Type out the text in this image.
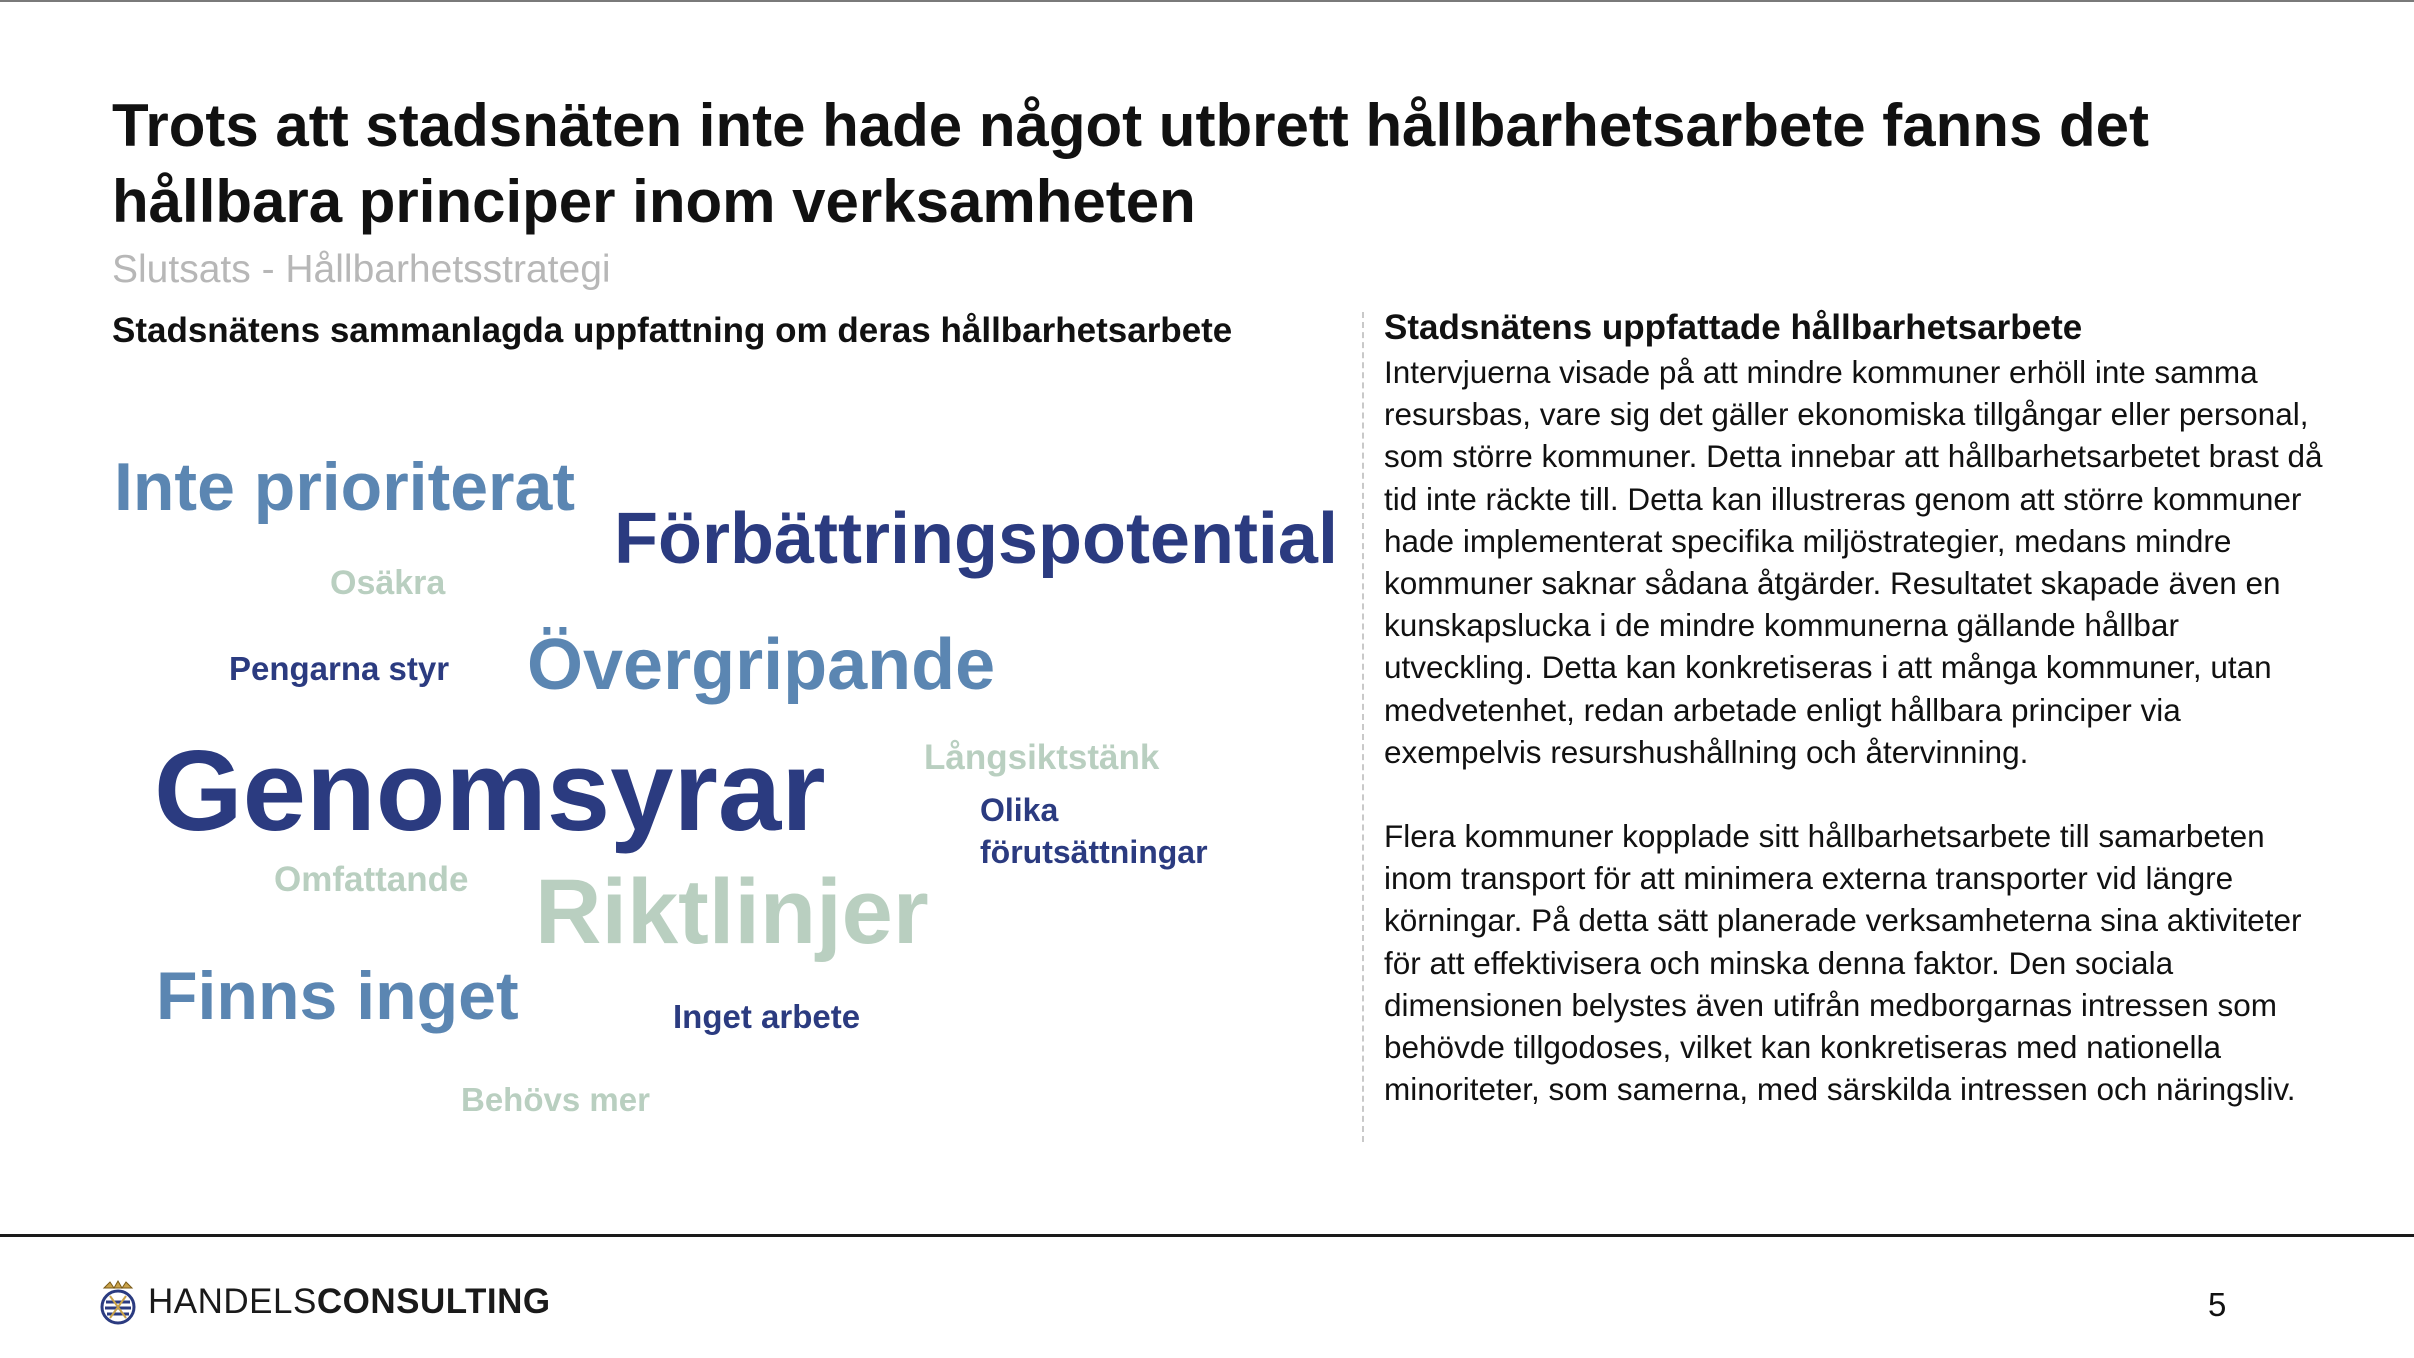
Trots att stadsnäten inte hade något utbrett hållbarhetsarbete fanns det hållbara principer inom verksamheten
Slutsats - Hållbarhetsstrategi
Stadsnätens sammanlagda uppfattning om deras hållbarhetsarbete
Inte prioriterat
Förbättringspotential
Osäkra
Pengarna styr Övergripande
Genomsyrar	Långsiktstänk
Olika förutsättningar
Omfattande Riktlinjer
Finns inget	Inget arbete
Behövs mer
Stadsnätens uppfattade hållbarhetsarbete

Intervjuerna visade på att mindre kommuner erhöll inte samma resursbas, vare sig det gäller ekonomiska tillgångar eller personal, som större kommuner. Detta innebar att hållbarhetsarbetet brast då tid inte räckte till. Detta kan illustreras genom att större kommuner hade implementerat specifika miljöstrategier, medans mindre kommuner saknar sådana åtgärder. Resultatet skapade även en kunskapslucka i de mindre kommunerna gällande hållbar utveckling. Detta kan konkretiseras i att många kommuner, utan medvetenhet, redan arbetade enligt hållbara principer via exempelvis resurshushållning och återvinning.

Flera kommuner kopplade sitt hållbarhetsarbete till samarbeten inom transport för att minimera externa transporter vid längre körningar. På detta sätt planerade verksamheterna sina aktiviteter för att effektivisera och minska denna faktor. Den sociala dimensionen belystes även utifrån medborgarnas intressen som behövde tillgodoses, vilket kan konkretiseras med nationella minoriteter, som samerna, med särskilda intressen och näringsliv.

HANDELSCONSULTING	5
